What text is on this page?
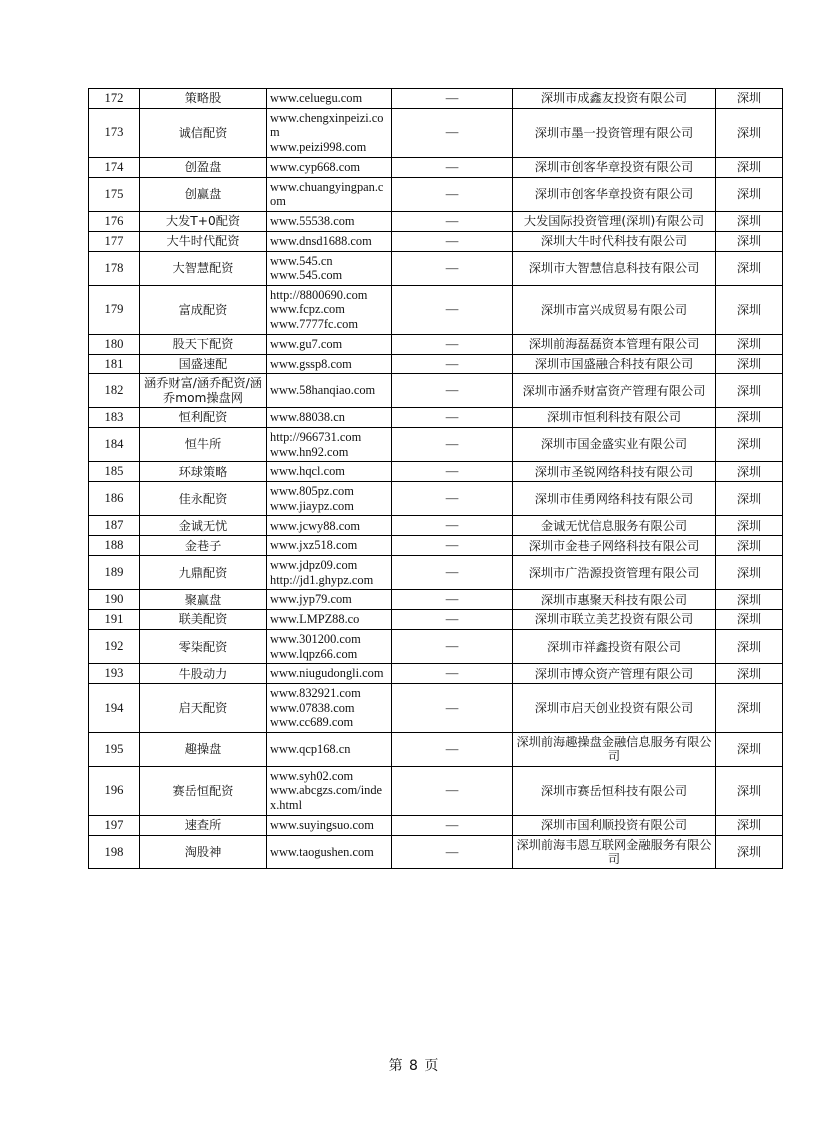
172	策略股	www.celuegu.com	—	深圳市成鑫友投资有限公司	深圳
173	诚信配资	www.chengxinpeizi.com
www.peizi998.com	—	深圳市墨一投资管理有限公司	深圳
174	创盈盘	www.cyp668.com	—	深圳市创客华章投资有限公司	深圳
175	创赢盘	www.chuangyingpan.com	—	深圳市创客华章投资有限公司	深圳
176	大发T+0配资	www.55538.com	—	大发国际投资管理(深圳)有限公司	深圳
177	大牛时代配资	www.dnsd1688.com	—	深圳大牛时代科技有限公司	深圳
178	大智慧配资	www.545.cn
www.545.com	—	深圳市大智慧信息科技有限公司	深圳
179	富成配资	http://8800690.com
www.fcpz.com
www.7777fc.com	—	深圳市富兴成贸易有限公司	深圳
180	股天下配资	www.gu7.com	—	深圳前海磊磊资本管理有限公司	深圳
181	国盛速配	www.gssp8.com	—	深圳市国盛融合科技有限公司	深圳
182	涵乔财富/涵乔配资/涵乔mom操盘网	www.58hanqiao.com	—	深圳市涵乔财富资产管理有限公司	深圳
183	恒利配资	www.88038.cn	—	深圳市恒利科技有限公司	深圳
184	恒牛所	http://966731.com
www.hn92.com	—	深圳市国金盛实业有限公司	深圳
185	环球策略	www.hqcl.com	—	深圳市圣锐网络科技有限公司	深圳
186	佳永配资	www.805pz.com
www.jiaypz.com	—	深圳市佳勇网络科技有限公司	深圳
187	金诚无忧	www.jcwy88.com	—	金诚无忧信息服务有限公司	深圳
188	金巷子	www.jxz518.com	—	深圳市金巷子网络科技有限公司	深圳
189	九鼎配资	www.jdpz09.com
http://jd1.ghypz.com	—	深圳市广浩源投资管理有限公司	深圳
190	聚赢盘	www.jyp79.com	—	深圳市惠聚天科技有限公司	深圳
191	联美配资	www.LMPZ88.co	—	深圳市联立美艺投资有限公司	深圳
192	零柒配资	www.301200.com
www.lqpz66.com	—	深圳市祥鑫投资有限公司	深圳
193	牛股动力	www.niugudongli.com	—	深圳市博众资产管理有限公司	深圳
194	启天配资	www.832921.com
www.07838.com
www.cc689.com	—	深圳市启天创业投资有限公司	深圳
195	趣操盘	www.qcp168.cn	—	深圳前海趣操盘金融信息服务有限公司	深圳
196	赛岳恒配资	www.syh02.com
www.abcgzs.com/index.html	—	深圳市赛岳恒科技有限公司	深圳
197	速查所	www.suyingsuo.com	—	深圳市国利顺投资有限公司	深圳
198	淘股神	www.taogushen.com	—	深圳前海韦恩互联网金融服务有限公司	深圳
第 8 页
